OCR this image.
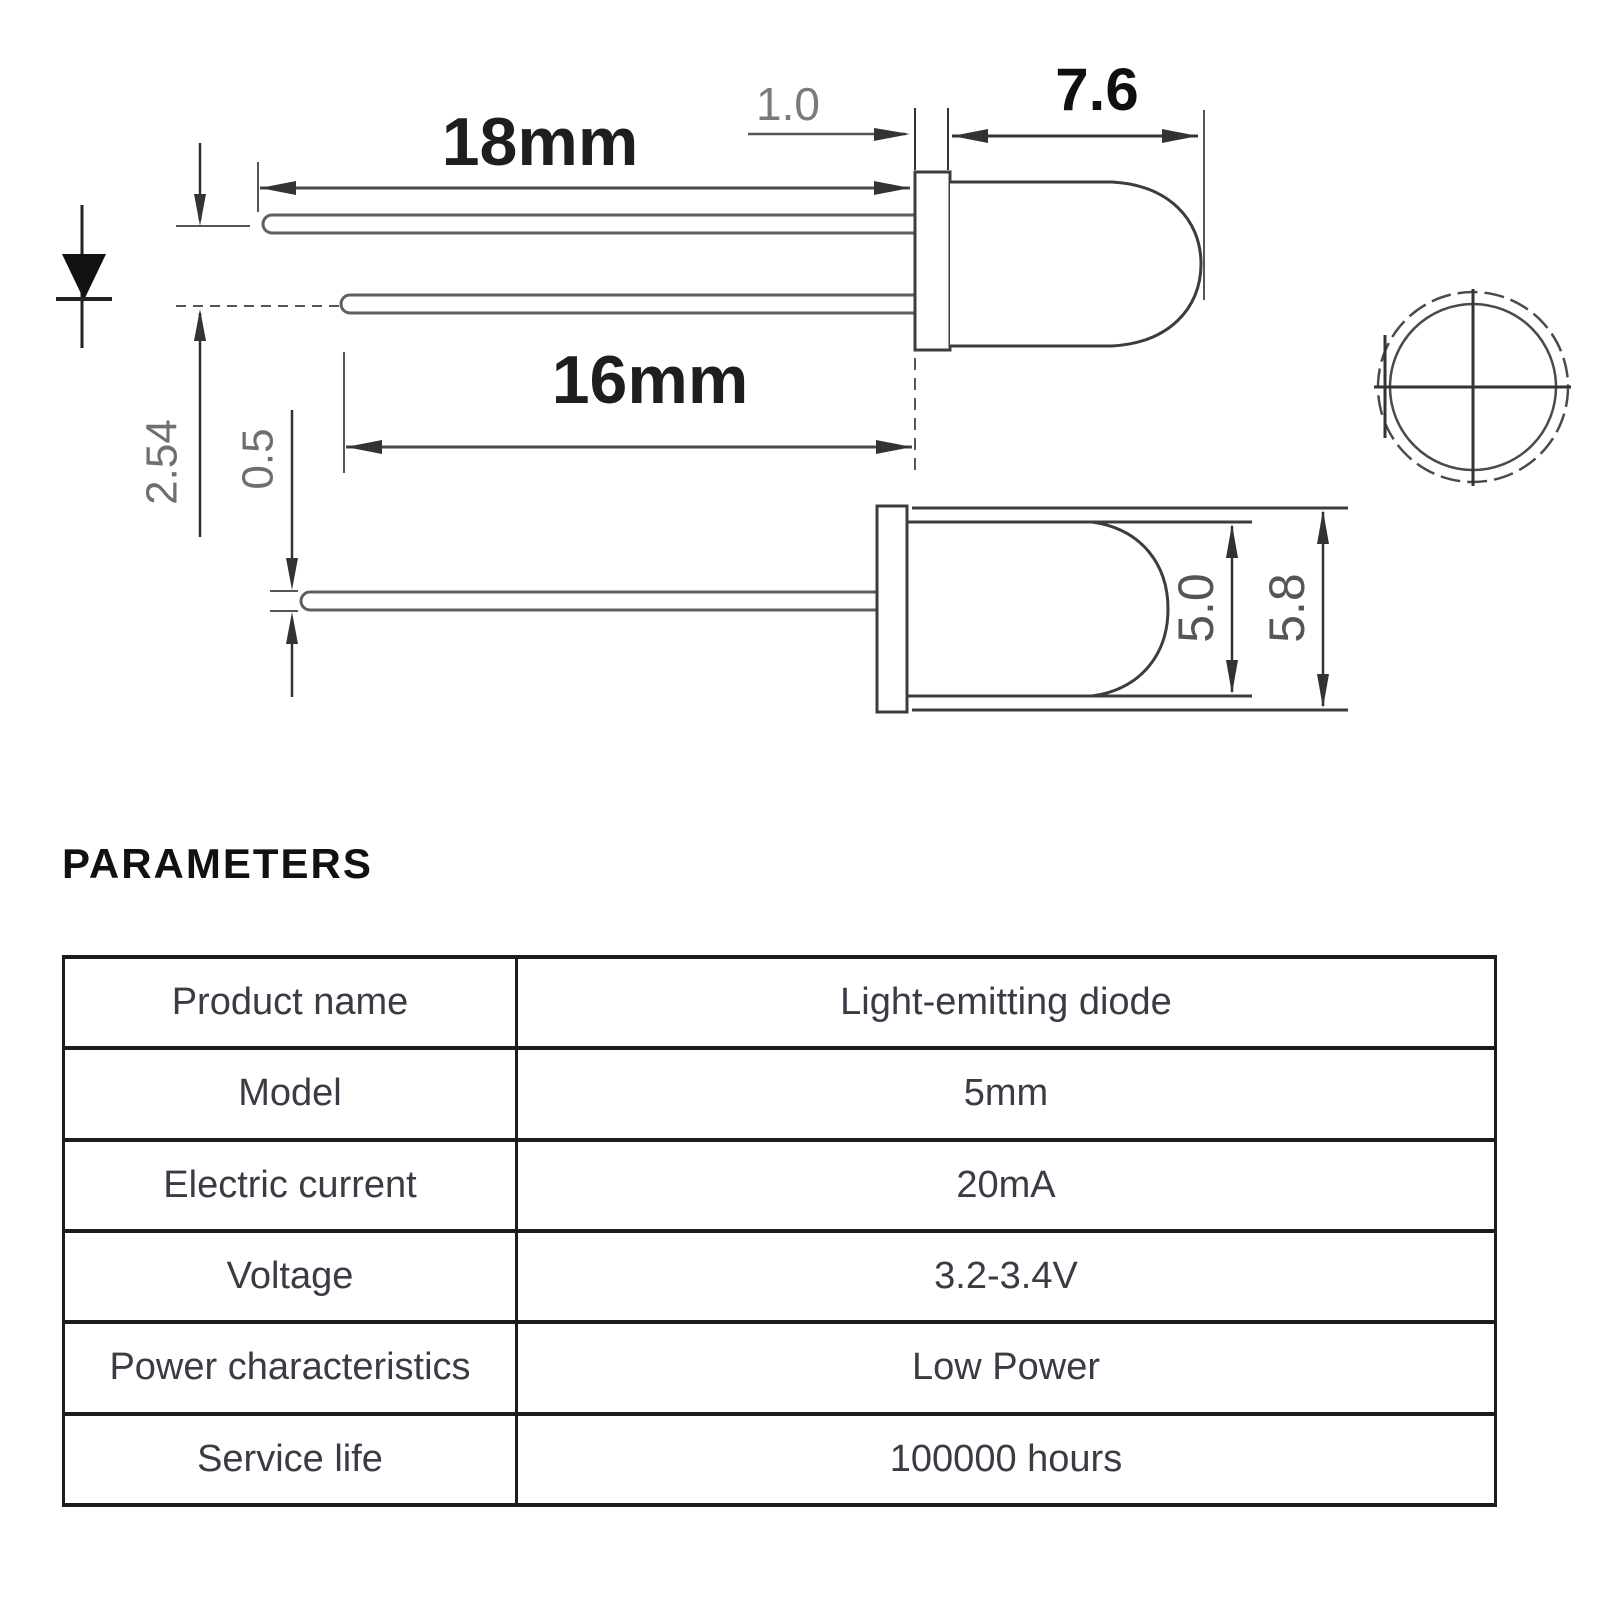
2.54 0.5
18mm
16mm
1.0	7.6
5.0 5.8
PARAMETERS
Product name	Light-emitting diode
Model	5mm
Electric current	20mA
Voltage	3.2-3.4V
Power characteristics	Low Power
Service life	100000 hours
